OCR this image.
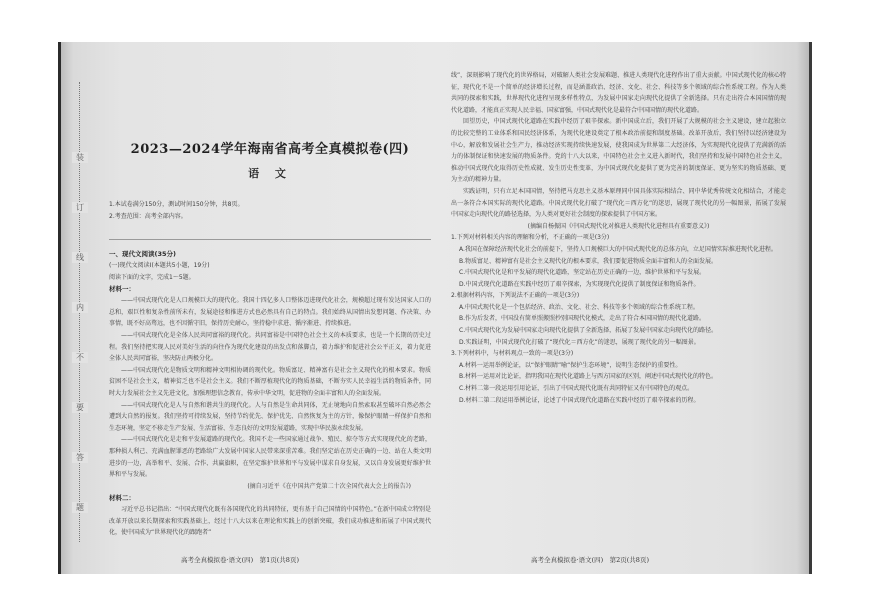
装
订
线
内
不
要
答
题
2023—2024学年海南省高考全真模拟卷(四)
语 文
1.本试卷满分150分，测试时间150分钟，共8页。
2.考查范围：高考全部内容。
一、现代文阅读(35分)
(一)现代文阅读Ⅰ(本题共5小题，19分)
阅读下面的文字，完成1～5题。
材料一：
——中国式现代化是人口规模巨大的现代化。我国十四亿多人口整体迈进现代化社会，规模超过现有发达国家人口的总和，艰巨性和复杂性前所未有，发展途径和推进方式也必然具有自己的特点。我们始终从国情出发想问题、作决策、办事情，既不好高骛远，也不因循守旧，保持历史耐心，坚持稳中求进、循序渐进、持续推进。
——中国式现代化是全体人民共同富裕的现代化。共同富裕是中国特色社会主义的本质要求，也是一个长期的历史过程。我们坚持把实现人民对美好生活的向往作为现代化建设的出发点和落脚点，着力维护和促进社会公平正义，着力促进全体人民共同富裕，坚决防止两极分化。
——中国式现代化是物质文明和精神文明相协调的现代化。物质富足、精神富有是社会主义现代化的根本要求。物质贫困不是社会主义，精神贫乏也不是社会主义。我们不断厚植现代化的物质基础，不断夯实人民幸福生活的物质条件，同时大力发展社会主义先进文化，加强理想信念教育，传承中华文明，促进物的全面丰富和人的全面发展。
——中国式现代化是人与自然和谐共生的现代化。人与自然是生命共同体，无止境地向自然索取甚至破坏自然必然会遭到大自然的报复。我们坚持可持续发展，坚持节约优先、保护优先、自然恢复为主的方针，像保护眼睛一样保护自然和生态环境，坚定不移走生产发展、生活富裕、生态良好的文明发展道路，实现中华民族永续发展。
——中国式现代化是走和平发展道路的现代化。我国不走一些国家通过战争、殖民、掠夺等方式实现现代化的老路，那种损人利己、充满血腥罪恶的老路给广大发展中国家人民带来深重苦难。我们坚定站在历史正确的一边、站在人类文明进步的一边，高举和平、发展、合作、共赢旗帜，在坚定维护世界和平与发展中谋求自身发展，又以自身发展更好维护世界和平与发展。
(摘自习近平《在中国共产党第二十次全国代表大会上的报告》)
材料二：
习近平总书记指出：“中国式现代化既有各国现代化的共同特征，更有基于自己国情的中国特色。”在新中国成立特别是改革开放以来长期探索和实践基础上，经过十八大以来在理论和实践上的创新突破，我们成功推进和拓展了中国式现代化，使中国成为“世界现代化的跟跑者”
高考全真模拟卷·语文(四)　第1页(共8页)
线”，深刻影响了现代化的世界格局，对破解人类社会发展难题、推进人类现代化进程作出了重大贡献。中国式现代化的核心特征，现代化不是一个简单的经济增长过程，而是涵盖政治、经济、文化、社会、科技等多个领域的综合性系统工程。作为人类共同的探索和实践，世界现代化进程呈现多样性特点，为发展中国家走向现代化提供了全新选择。只有走出符合本国国情的现代化道路，才能真正实现人民幸福、国家富强，中国式现代化是最符合中国国情的现代化道路。
回望历史，中国式现代化道路在实践中经历了艰辛探索。新中国成立后，我们开展了大规模的社会主义建设，建立起独立的比较完整的工业体系和国民经济体系，为现代化建设奠定了根本政治前提和制度基础。改革开放后，我们坚持以经济建设为中心，解放和发展社会生产力，推动经济实现持续快速发展，使我国成为世界第二大经济体，为实现现代化提供了充满新的活力的体制保证和快速发展的物质条件。党的十八大以来，中国特色社会主义进入新时代，我们坚持和发展中国特色社会主义，推动中国式现代化取得历史性成就、发生历史性变革，为中国式现代化提供了更为完善的制度保证、更为坚实的物质基础、更为主动的精神力量。
实践证明，只有立足本国国情，坚持把马克思主义基本原理同中国具体实际相结合、同中华优秀传统文化相结合，才能走出一条符合本国实际的现代化道路。中国式现代化打破了“现代化＝西方化”的迷思，展现了现代化的另一幅图景，拓展了发展中国家走向现代化的路径选择，为人类对更好社会制度的探索提供了中国方案。
(摘编自杨振国《中国式现代化对推进人类现代化进程具有重要意义》)
1.下列对材料相关内容的理解和分析，不正确的一项是(3分)
A.我国在保障经济现代化社会的前提下，坚持人口规模巨大的中国式现代化的总体方向，立足国情实际推进现代化进程。
B.物质富足、精神富有是社会主义现代化的根本要求，我们要促进物质全面丰富和人的全面发展。
C.中国式现代化是和平发展的现代化道路，坚定站在历史正确的一边，维护世界和平与发展。
D.中国式现代化道路在实践中经历了艰辛探索，为实现现代化提供了制度保证和物质条件。
2.根据材料内容，下列说法不正确的一项是(3分)
A.中国式现代化是一个包括经济、政治、文化、社会、科技等多个领域的综合性系统工程。
B.作为后发者，中国没有简单照搬照抄别国现代化模式，走出了符合本国国情的现代化道路。
C.中国式现代化为发展中国家走向现代化提供了全新选择，拓展了发展中国家走向现代化的路径。
D.实践证明，中国式现代化打破了“现代化＝西方化”的迷思，展现了现代化的另一幅图景。
3.下列材料中，与材料观点一致的一项是(3分)
A.材料一运用举例论证，以“保护眼睛”喻“保护生态环境”，说明生态保护的重要性。
B.材料一运用对比论证，指明我国在现代化道路上与西方国家的区别，阐述中国式现代化的特色。
C.材料二第一段运用引用论证，引出了中国式现代化既有共同特征又有中国特色的观点。
D.材料二第二段运用举例论证，论述了中国式现代化道路在实践中经历了艰辛探索的历程。
高考全真模拟卷·语文(四)　第2页(共8页)
